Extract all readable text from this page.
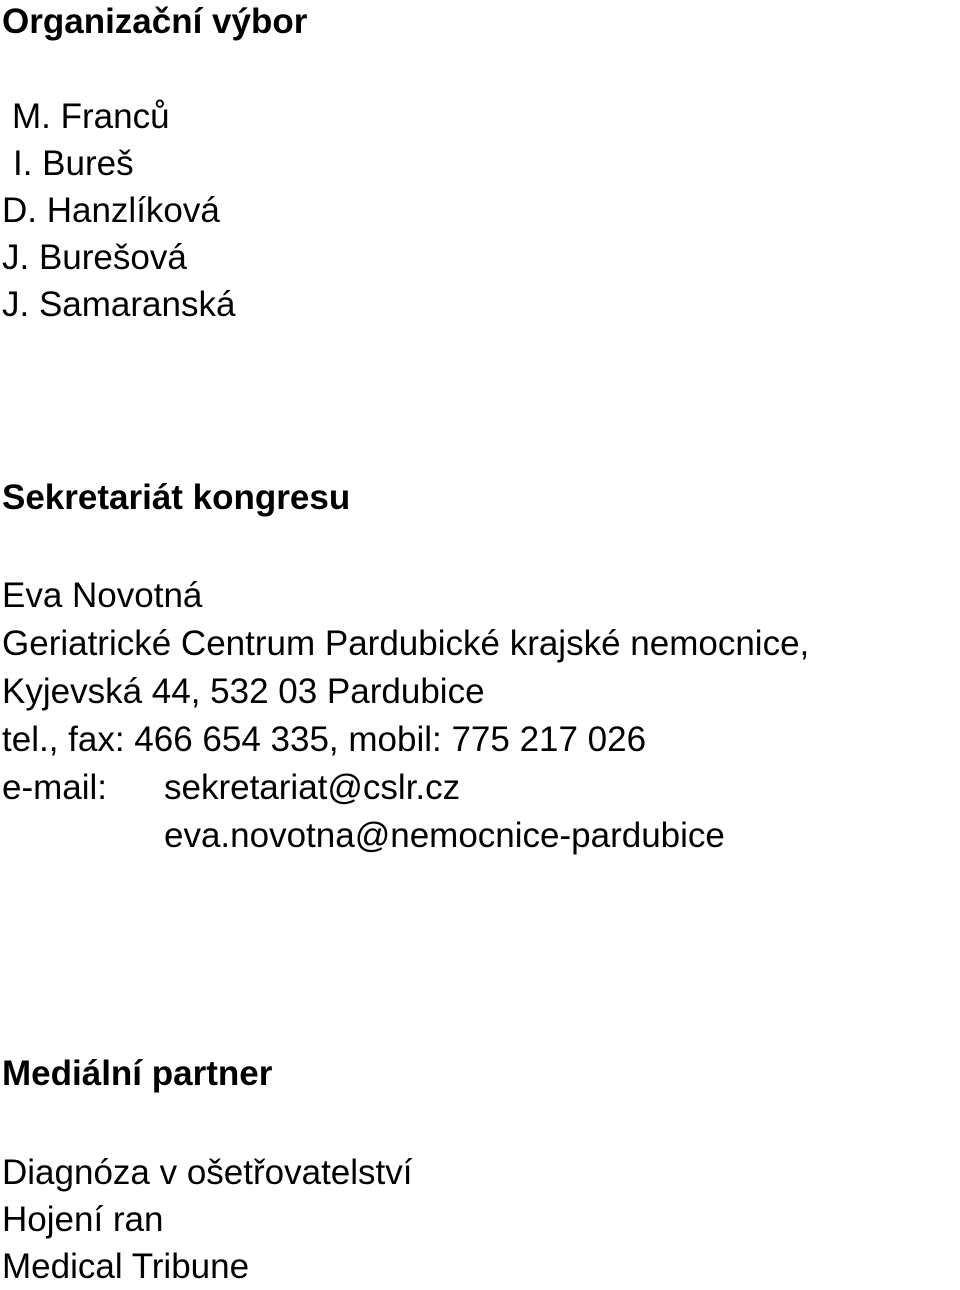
Organizační výbor
M. Franců
I. Bureš
D. Hanzlíková
J. Burešová
J. Samaranská
Sekretariát kongresu

Eva Novotná

Geriatrické Centrum Pardubické krajské nemocnice,

Kyjevská 44, 532 03 Pardubice

tel., fax: 466 654 335, mobil: 775 217 026

e-mail: sekretariat@cslr.cz
eva.novotna@nemocnice-pardubice
Mediální partner
Diagnóza v ošetřovatelství
Hojení ran
Medical Tribune
